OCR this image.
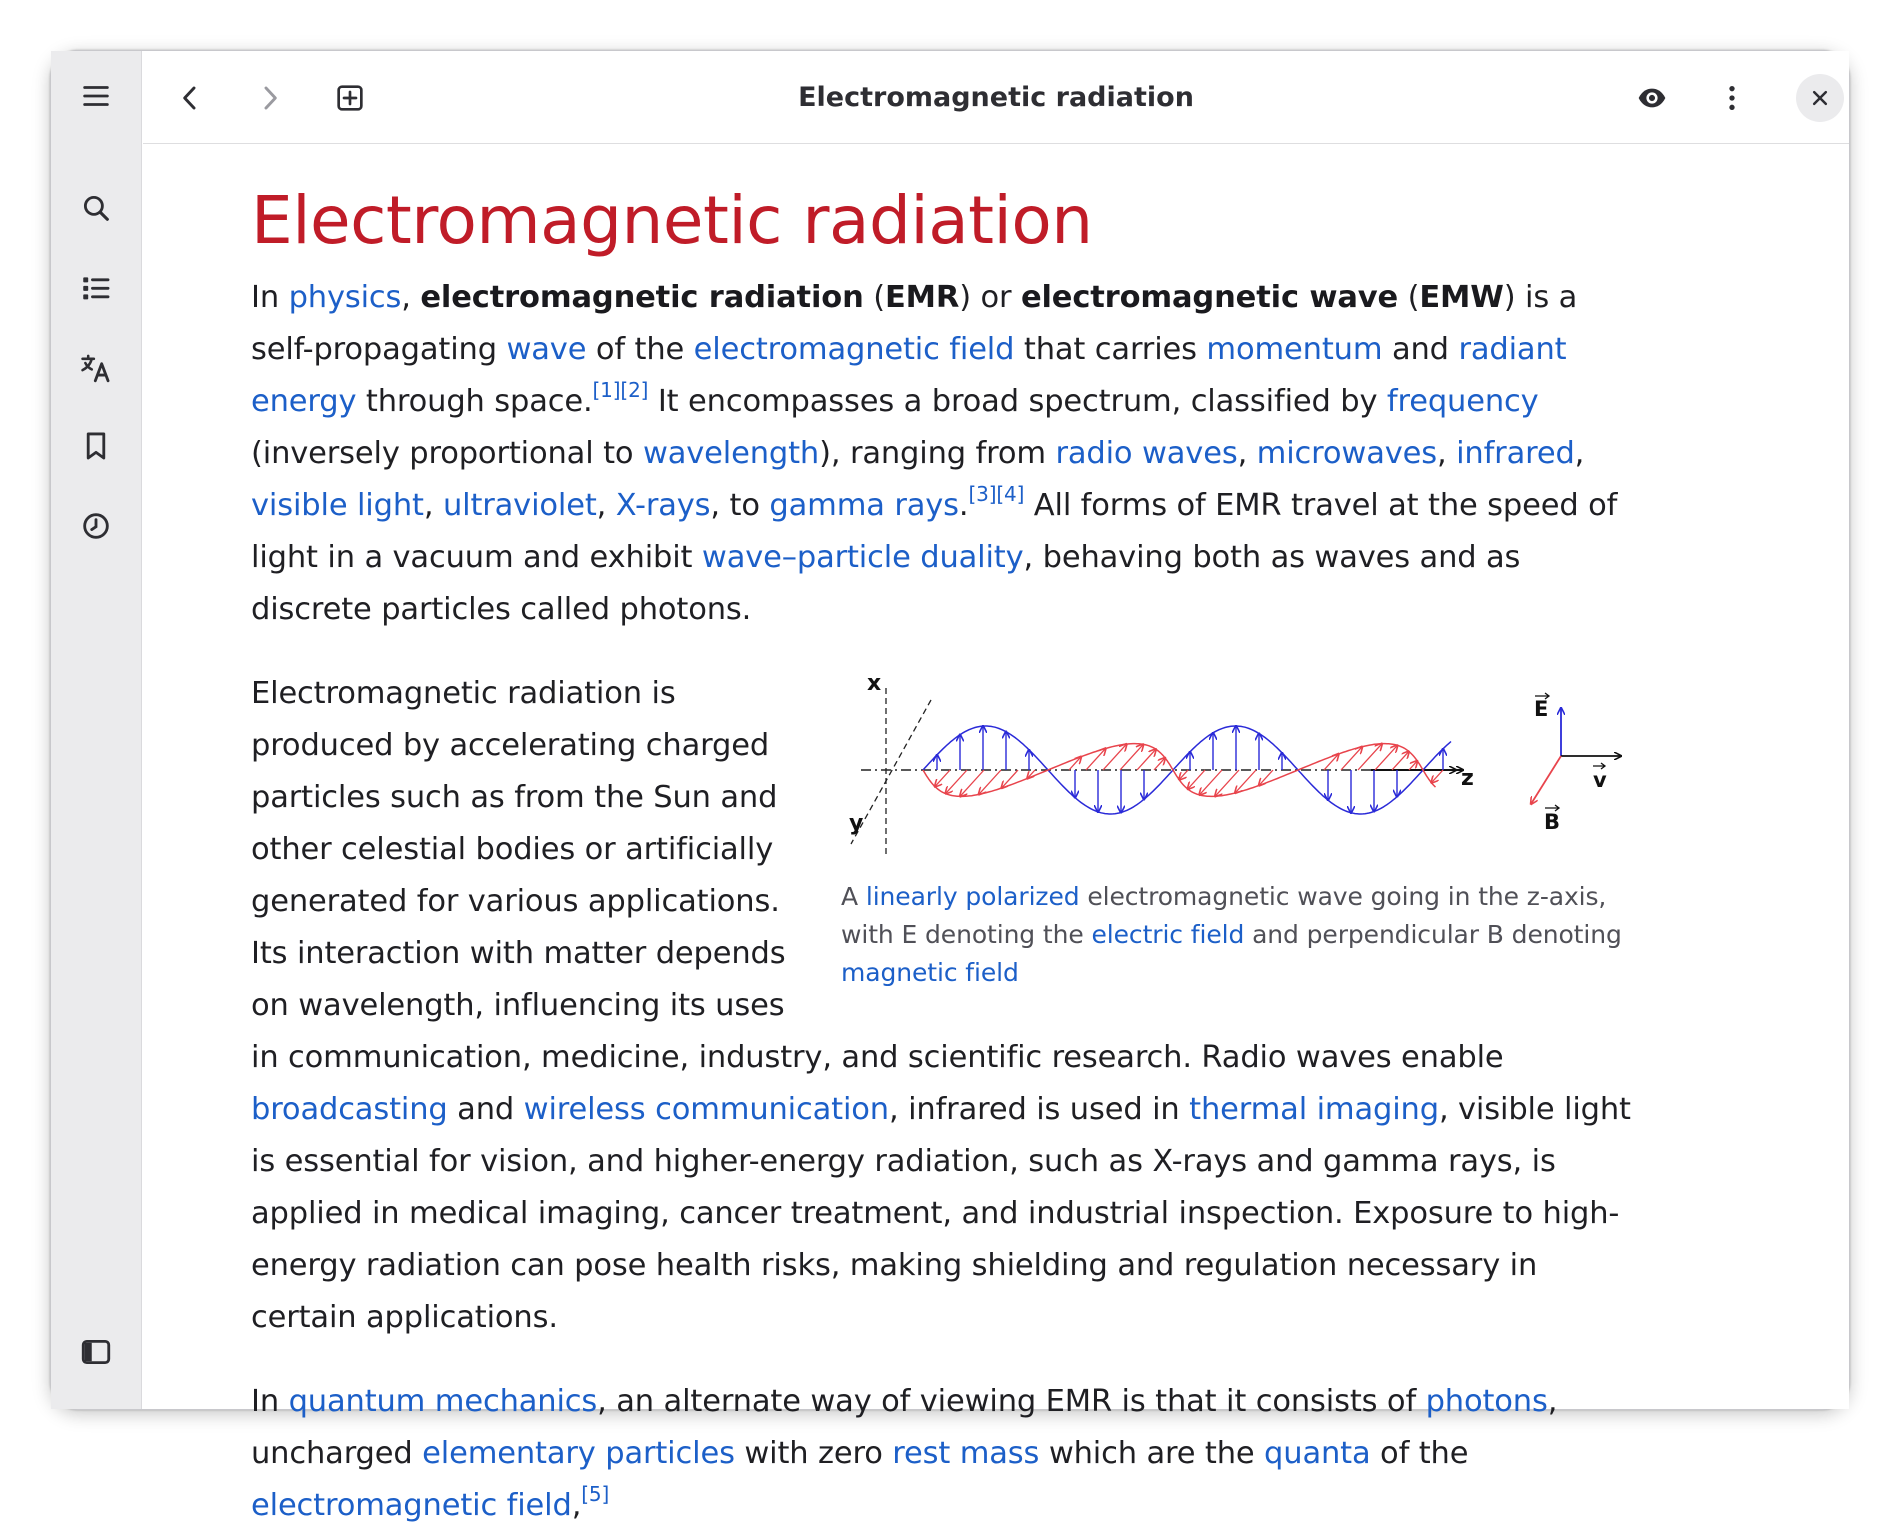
Electromagnetic radiation
Electromagnetic radiation

In physics, electromagnetic radiation (EMR) or electromagnetic wave (EMW) is a self-propagating wave of the electromagnetic field that carries momentum and radiant energy through space.[1][2] It encompasses a broad spectrum, classified by frequency (inversely proportional to wavelength), ranging from radio waves, microwaves, infrared, visible light, ultraviolet, X-rays, to gamma rays.[3][4] All forms of EMR travel at the speed of light in a vacuum and exhibit wave–particle duality, behaving both as waves and as discrete particles called photons.

x
y
z
E
v
B
A linearly polarized electromagnetic wave going in the z-axis, with E denoting the electric field and perpendicular B denoting magnetic field

Electromagnetic radiation is produced by accelerating charged particles such as from the Sun and other celestial bodies or artificially generated for various applications. Its interaction with matter depends on wavelength, influencing its uses in communication, medicine, industry, and scientific research. Radio waves enable broadcasting and wireless communication, infrared is used in thermal imaging, visible light is essential for vision, and higher-energy radiation, such as X-rays and gamma rays, is applied in medical imaging, cancer treatment, and industrial inspection. Exposure to high-energy radiation can pose health risks, making shielding and regulation necessary in certain applications.

In quantum mechanics, an alternate way of viewing EMR is that it consists of photons, uncharged elementary particles with zero rest mass which are the quanta of the electromagnetic field,[5]
